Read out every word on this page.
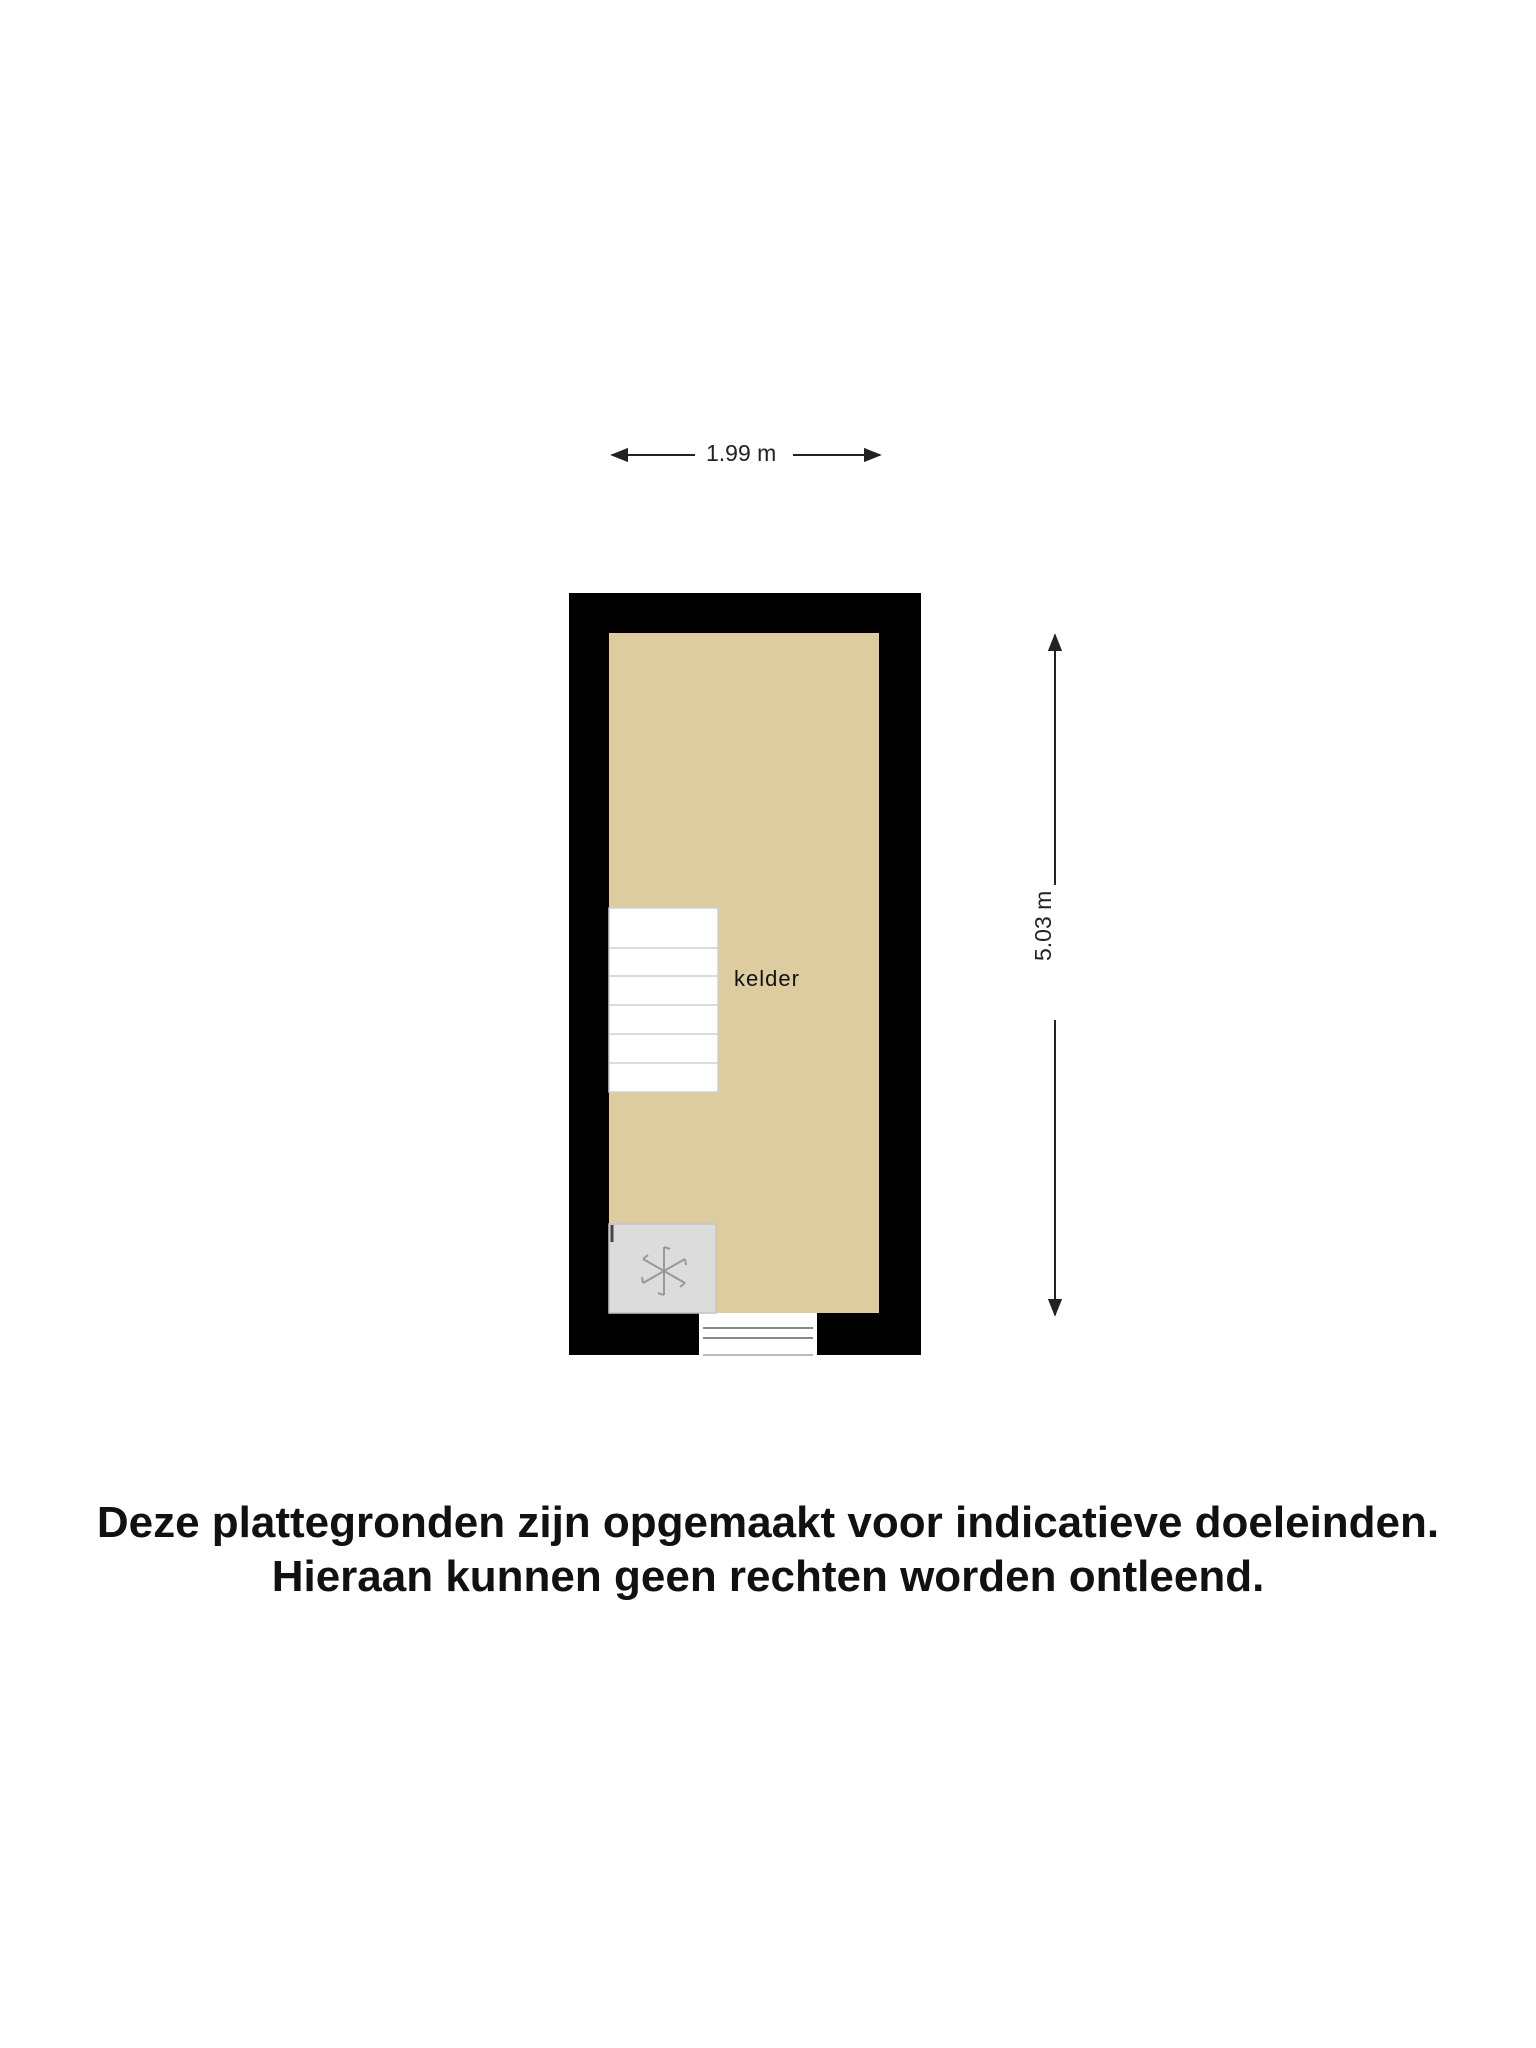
1.99 m
5.03 m
kelder
Deze plattegronden zijn opgemaakt voor indicatieve doeleinden.
Hieraan kunnen geen rechten worden ontleend.
